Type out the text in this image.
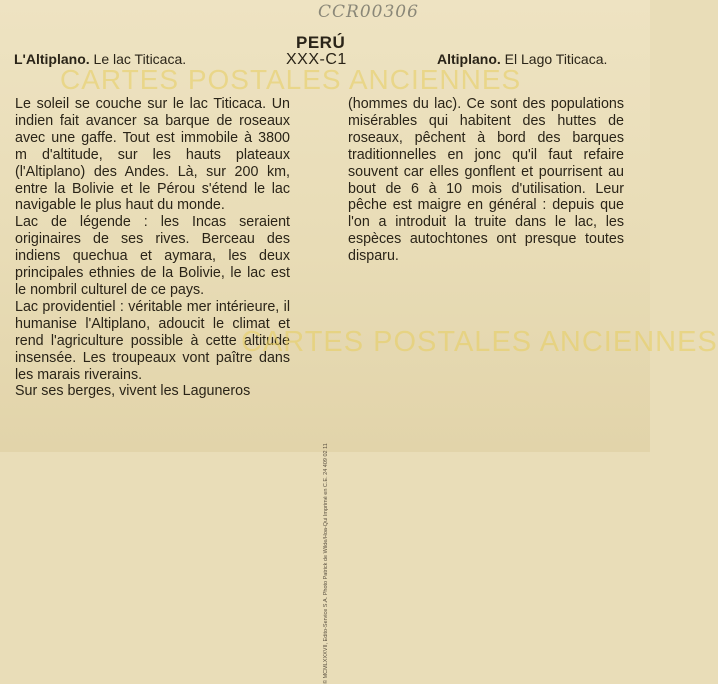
CCR00306
PERÚ
XXX-C1
L'Altiplano. Le lac Titicaca.	Altiplano. El Lago Titicaca.

Le soleil se couche sur le lac Titicaca. Un indien fait avancer sa barque de roseaux avec une gaffe. Tout est immobile à 3800 m d'altitude, sur les hauts plateaux (l'Altiplano) des Andes. Là, sur 200 km, entre la Bolivie et le Pérou s'étend le lac navigable le plus haut du monde.

Lac de légende : les Incas seraient originaires de ses rives. Berceau des indiens quechua et aymara, les deux principales ethnies de la Bolivie, le lac est le nombril culturel de ce pays.

Lac providentiel : véritable mer intérieure, il humanise l'Altiplano, adoucit le climat et rend l'agriculture possible à cette altitude insensée. Les troupeaux vont paître dans les marais riverains.

Sur ses berges, vivent les Laguneros

© MCMLXXXVII, Edito-Service S.A. Photo Patrick de Wilde/Hoa-Qui Imprimé en C.E. 24 409 02 11

(hommes du lac). Ce sont des populations misérables qui habitent des huttes de roseaux, pêchent à bord des barques traditionnelles en jonc qu'il faut refaire souvent car elles gonflent et pourrisent au bout de 6 à 10 mois d'utilisation. Leur pêche est maigre en général : depuis que l'on a introduit la truite dans le lac, les espèces autochtones ont presque toutes disparu.

CARTES POSTALES ANCIENNES
CARTES POSTALES ANCIENNES
